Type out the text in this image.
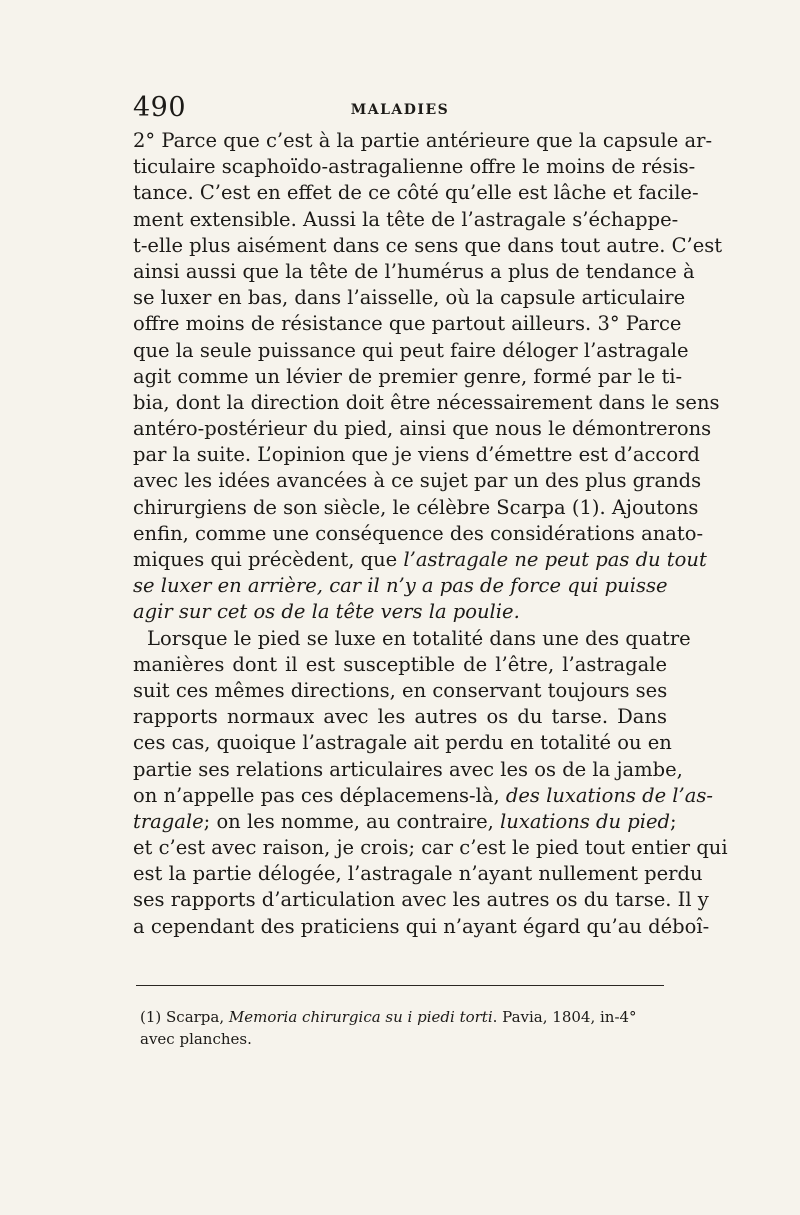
490	MALADIES
2° Parce que c’est à la partie antérieure que la capsule ar-
ticulaire scaphoïdo-astragalienne offre le moins de résis-
tance. C’est en effet de ce côté qu’elle est lâche et facile-
ment extensible. Aussi la tête de l’astragale s’échappe-
t-elle plus aisément dans ce sens que dans tout autre. C’est
ainsi aussi que la tête de l’humérus a plus de tendance à
se luxer en bas, dans l’aisselle, où la capsule articulaire
offre moins de résistance que partout ailleurs. 3° Parce
que la seule puissance qui peut faire déloger l’astragale
agit comme un lévier de premier genre, formé par le ti-
bia, dont la direction doit être nécessairement dans le sens
antéro-postérieur du pied, ainsi que nous le démontrerons
par la suite. L’opinion que je viens d’émettre est d’accord
avec les idées avancées à ce sujet par un des plus grands
chirurgiens de son siècle, le célèbre Scarpa (1). Ajoutons
enfin, comme une conséquence des considérations anato-
miques qui précèdent, que l’astragale ne peut pas du tout
se luxer en arrière, car il n’y a pas de force qui puisse
agir sur cet os de la tête vers la poulie.
Lorsque le pied se luxe en totalité dans une des quatre
manières dont il est susceptible de l’être, l’astragale
suit ces mêmes directions, en conservant toujours ses
rapports normaux avec les autres os du tarse. Dans
ces cas, quoique l’astragale ait perdu en totalité ou en
partie ses relations articulaires avec les os de la jambe,
on n’appelle pas ces déplacemens-là, des luxations de l’as-
tragale; on les nomme, au contraire, luxations du pied;
et c’est avec raison, je crois; car c’est le pied tout entier qui
est la partie délogée, l’astragale n’ayant nullement perdu
ses rapports d’articulation avec les autres os du tarse. Il y
a cependant des praticiens qui n’ayant égard qu’au déboî-
(1) Scarpa, Memoria chirurgica su i piedi torti. Pavia, 1804, in-4°
avec planches.
